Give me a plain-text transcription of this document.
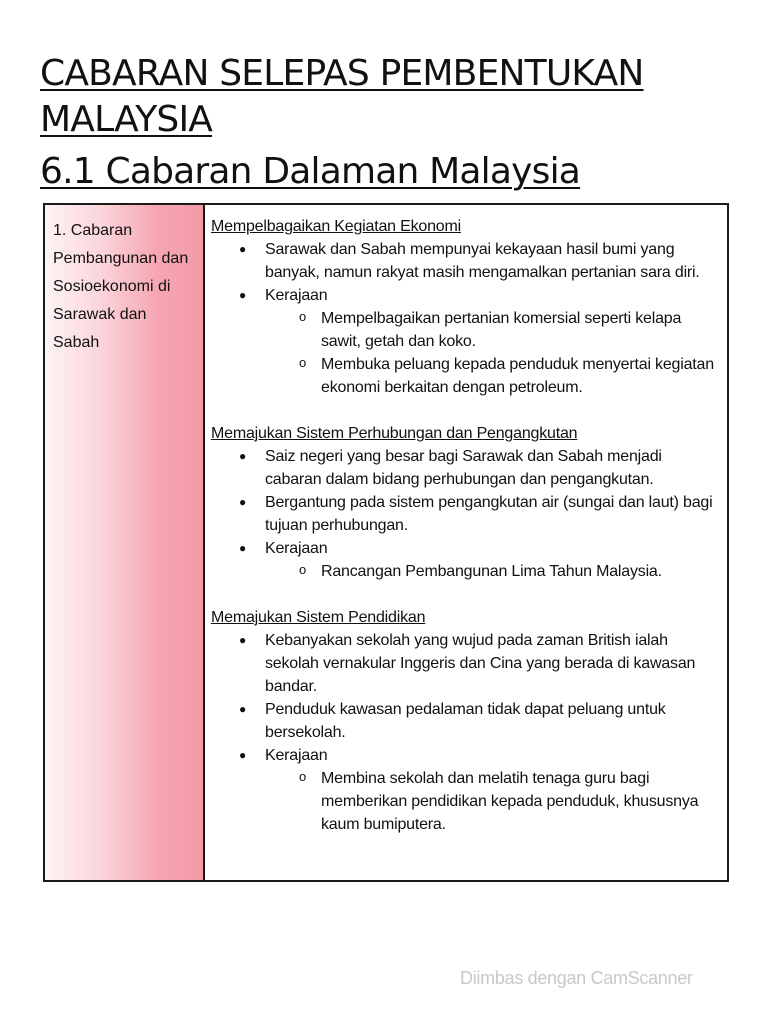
CABARAN SELEPAS PEMBENTUKAN
MALAYSIA
6.1 Cabaran Dalaman Malaysia
1. Cabaran
Pembangunan dan
Sosioekonomi di
Sarawak dan
Sabah

Mempelbagaikan Kegiatan Ekonomi

● Sarawak dan Sabah mempunyai kekayaan hasil bumi yang banyak, namun rakyat masih mengamalkan pertanian sara diri.
● Kerajaan
o Mempelbagaikan pertanian komersial seperti kelapa sawit, getah dan koko.
o Membuka peluang kepada penduduk menyertai kegiatan ekonomi berkaitan dengan petroleum.

Memajukan Sistem Perhubungan dan Pengangkutan

● Saiz negeri yang besar bagi Sarawak dan Sabah menjadi cabaran dalam bidang perhubungan dan pengangkutan.
● Bergantung pada sistem pengangkutan air (sungai dan laut) bagi tujuan perhubungan.
● Kerajaan
o Rancangan Pembangunan Lima Tahun Malaysia.

Memajukan Sistem Pendidikan

● Kebanyakan sekolah yang wujud pada zaman British ialah sekolah vernakular Inggeris dan Cina yang berada di kawasan bandar.
● Penduduk kawasan pedalaman tidak dapat peluang untuk bersekolah.
● Kerajaan
o Membina sekolah dan melatih tenaga guru bagi memberikan pendidikan kepada penduduk, khususnya kaum bumiputera.

Diimbas dengan CamScanner
